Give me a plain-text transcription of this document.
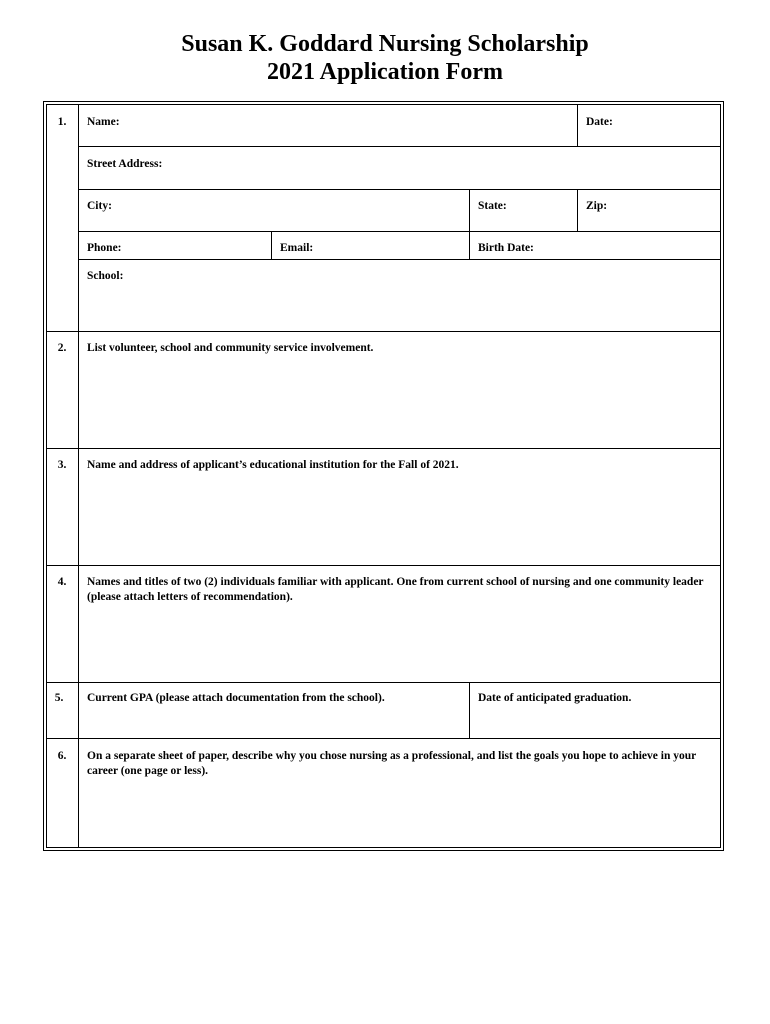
Susan K. Goddard Nursing Scholarship
2021 Application Form
1.	Name:	Date:
Street Address:
City:	State:	Zip:
Phone:	Email:	Birth Date:
School:
2.	List volunteer, school and community service involvement.
3.	Name and address of applicant’s educational institution for the Fall of 2021.
4.	Names and titles of two (2) individuals familiar with applicant. One from current school of nursing and one community leader (please attach letters of recommendation).
5.	Current GPA (please attach documentation from the school).	Date of anticipated graduation.
6.	On a separate sheet of paper, describe why you chose nursing as a professional, and list the goals you hope to achieve in your career (one page or less).
